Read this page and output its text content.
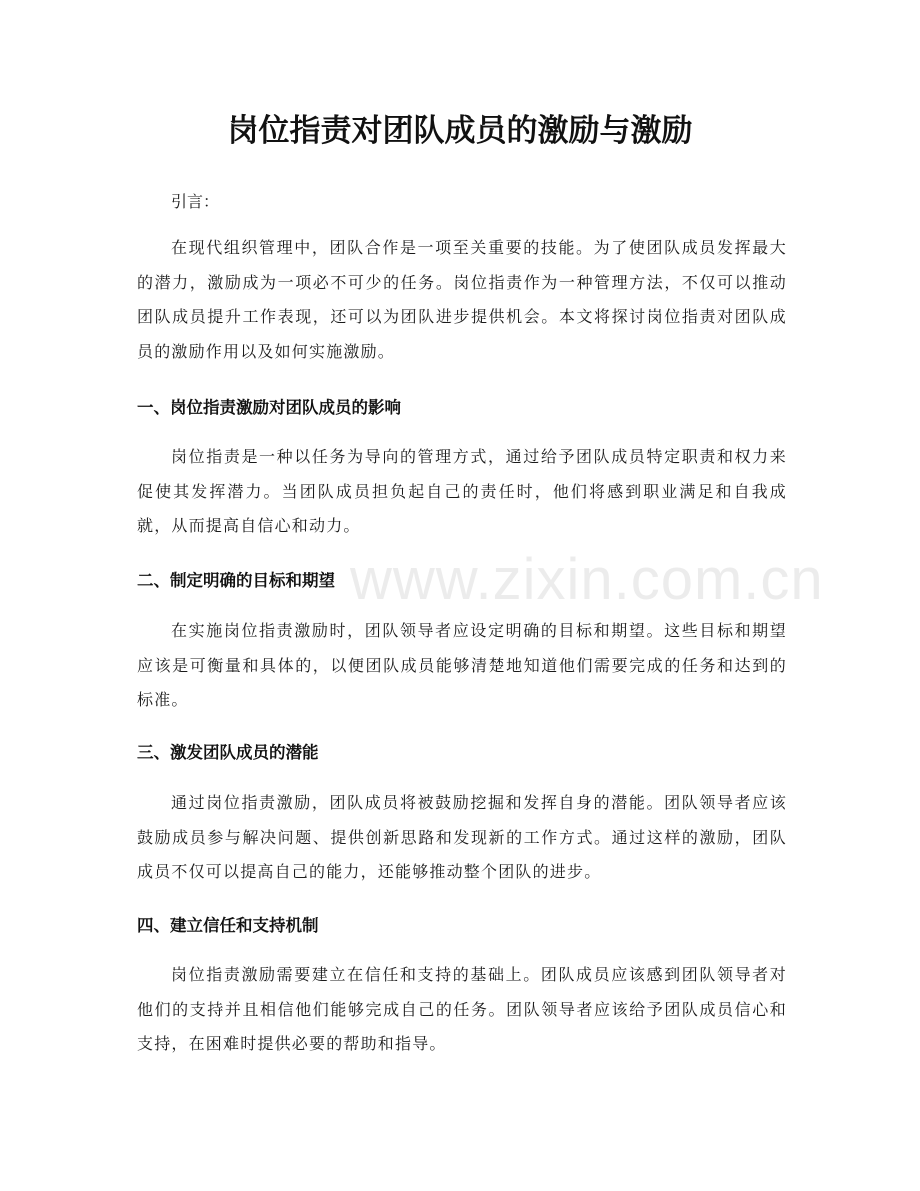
岗位指责对团队成员的激励与激励
引言：

在现代组织管理中，团队合作是一项至关重要的技能。为了使团队成员发挥最大的潜力，激励成为一项必不可少的任务。岗位指责作为一种管理方法，不仅可以推动团队成员提升工作表现，还可以为团队进步提供机会。本文将探讨岗位指责对团队成员的激励作用以及如何实施激励。

一、岗位指责激励对团队成员的影响

岗位指责是一种以任务为导向的管理方式，通过给予团队成员特定职责和权力来促使其发挥潜力。当团队成员担负起自己的责任时，他们将感到职业满足和自我成就，从而提高自信心和动力。

二、制定明确的目标和期望

在实施岗位指责激励时，团队领导者应设定明确的目标和期望。这些目标和期望应该是可衡量和具体的，以便团队成员能够清楚地知道他们需要完成的任务和达到的标准。

三、激发团队成员的潜能

通过岗位指责激励，团队成员将被鼓励挖掘和发挥自身的潜能。团队领导者应该鼓励成员参与解决问题、提供创新思路和发现新的工作方式。通过这样的激励，团队成员不仅可以提高自己的能力，还能够推动整个团队的进步。

四、建立信任和支持机制

岗位指责激励需要建立在信任和支持的基础上。团队成员应该感到团队领导者对他们的支持并且相信他们能够完成自己的任务。团队领导者应该给予团队成员信心和支持，在困难时提供必要的帮助和指导。

www.zixin.com.cn
